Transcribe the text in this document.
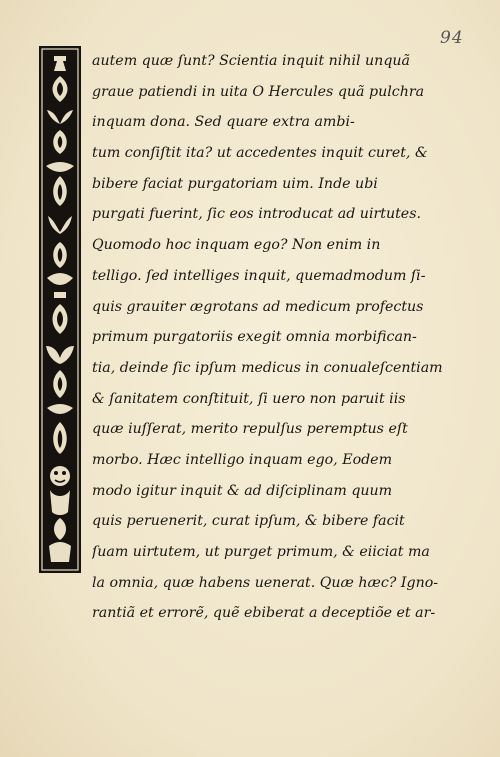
94
autem quæ ſunt? Scientia inquit nihil unquã
graue patiendi in uita O Hercules quã pulchra
inquam dona. Sed quare extra ambi-
tum conſiſtit ita? ut accedentes inquit curet, &
bibere faciat purgatoriam uim. Inde ubi
purgati fuerint, ſic eos introducat ad uirtutes.
Quomodo hoc inquam ego? Non enim in
telligo. ſed intelliges inquit, quemadmodum ſi-
quis grauiter ægrotans ad medicum profectus
primum purgatoriis exegit omnia morbifican-
tia, deinde ſic ipſum medicus in conualeſcentiam
& ſanitatem conſtituit, ſi uero non paruit iis
quæ iuſſerat, merito repulſus peremptus eſt
morbo. Hæc intelligo inquam ego, Eodem
modo igitur inquit & ad diſciplinam quum
quis peruenerit, curat ipſum, & bibere facit
ſuam uirtutem, ut purget primum, & eiiciat ma
la omnia, quæ habens uenerat. Quæ hæc? Igno-
rantiã et errorẽ, quẽ ebiberat a deceptiõe et ar-
